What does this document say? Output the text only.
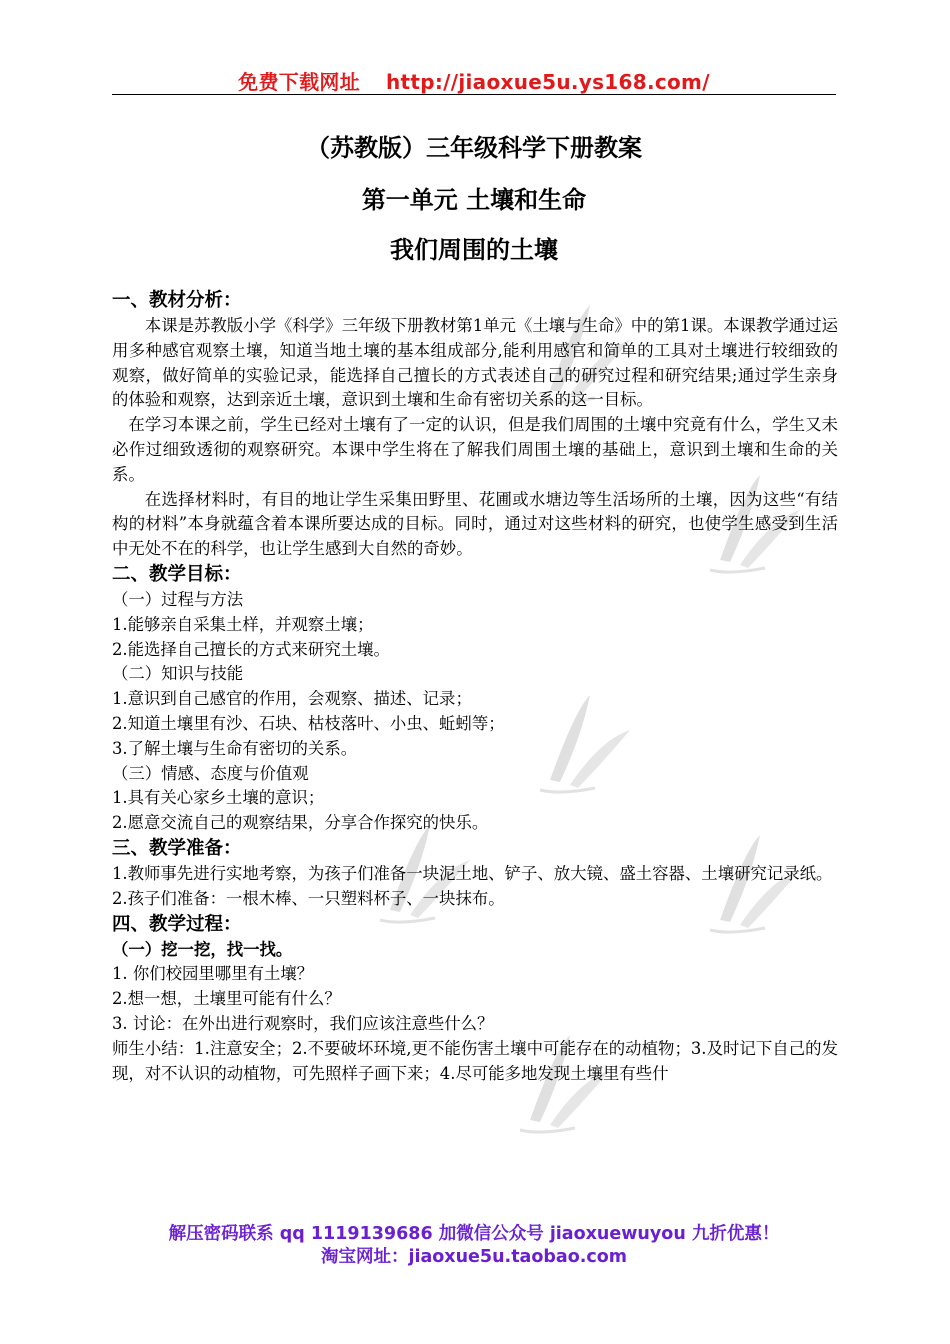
免费下载网址 http://jiaoxue5u.ys168.com/
（苏教版）三年级科学下册教案
第一单元 土壤和生命
我们周围的土壤

一、教材分析：

本课是苏教版小学《科学》三年级下册教材第1单元《土壤与生命》中的第1课。本课教学通过运用多种感官观察土壤，知道当地土壤的基本组成部分,能利用感官和简单的工具对土壤进行较细致的观察，做好简单的实验记录，能选择自己擅长的方式表述自己的研究过程和研究结果;通过学生亲身的体验和观察，达到亲近土壤，意识到土壤和生命有密切关系的这一目标。

在学习本课之前，学生已经对土壤有了一定的认识，但是我们周围的土壤中究竟有什么，学生又未必作过细致透彻的观察研究。本课中学生将在了解我们周围土壤的基础上，意识到土壤和生命的关系。

在选择材料时，有目的地让学生采集田野里、花圃或水塘边等生活场所的土壤，因为这些“有结构的材料”本身就蕴含着本课所要达成的目标。同时，通过对这些材料的研究，也使学生感受到生活中无处不在的科学，也让学生感到大自然的奇妙。

二、教学目标：

（一）过程与方法

1.能够亲自采集土样，并观察土壤；

2.能选择自己擅长的方式来研究土壤。

（二）知识与技能

1.意识到自己感官的作用，会观察、描述、记录；

2.知道土壤里有沙、石块、枯枝落叶、小虫、蚯蚓等；

3.了解土壤与生命有密切的关系。

（三）情感、态度与价值观

1.具有关心家乡土壤的意识；

2.愿意交流自己的观察结果，分享合作探究的快乐。

三、教学准备：

1.教师事先进行实地考察，为孩子们准备一块泥土地、铲子、放大镜、盛土容器、土壤研究记录纸。

2.孩子们准备：一根木棒、一只塑料杯子、一块抹布。

四、教学过程：

（一）挖一挖，找一找。

1. 你们校园里哪里有土壤？

2.想一想，土壤里可能有什么？

3. 讨论：在外出进行观察时，我们应该注意些什么？

师生小结：1.注意安全；2.不要破坏环境,更不能伤害土壤中可能存在的动植物；3.及时记下自己的发现，对不认识的动植物，可先照样子画下来；4.尽可能多地发现土壤里有些什

解压密码联系 qq 1119139686 加微信公众号 jiaoxuewuyou 九折优惠！
淘宝网址：jiaoxue5u.taobao.com
